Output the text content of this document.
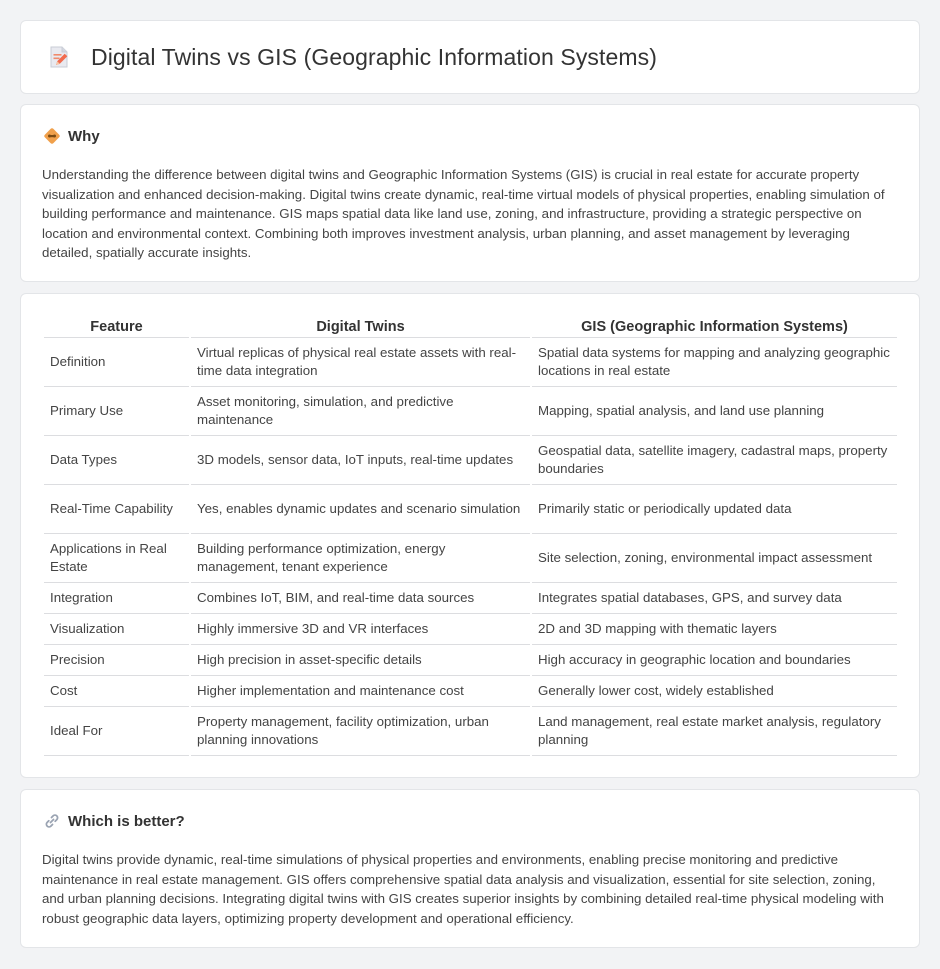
Digital Twins vs GIS (Geographic Information Systems)
Why

Understanding the difference between digital twins and Geographic Information Systems (GIS) is crucial in real estate for accurate property visualization and enhanced decision-making. Digital twins create dynamic, real-time virtual models of physical properties, enabling simulation of building performance and maintenance. GIS maps spatial data like land use, zoning, and infrastructure, providing a strategic perspective on location and environmental context. Combining both improves investment analysis, urban planning, and asset management by leveraging detailed, spatially accurate insights.

Feature	Digital Twins	GIS (Geographic Information Systems)
Definition	Virtual replicas of physical real estate assets with real-time data integration	Spatial data systems for mapping and analyzing geographic locations in real estate
Primary Use	Asset monitoring, simulation, and predictive maintenance	Mapping, spatial analysis, and land use planning
Data Types	3D models, sensor data, IoT inputs, real-time updates	Geospatial data, satellite imagery, cadastral maps, property boundaries
Real-Time Capability	Yes, enables dynamic updates and scenario simulation	Primarily static or periodically updated data
Applications in Real Estate	Building performance optimization, energy management, tenant experience	Site selection, zoning, environmental impact assessment
Integration	Combines IoT, BIM, and real-time data sources	Integrates spatial databases, GPS, and survey data
Visualization	Highly immersive 3D and VR interfaces	2D and 3D mapping with thematic layers
Precision	High precision in asset-specific details	High accuracy in geographic location and boundaries
Cost	Higher implementation and maintenance cost	Generally lower cost, widely established
Ideal For	Property management, facility optimization, urban planning innovations	Land management, real estate market analysis, regulatory planning
Which is better?

Digital twins provide dynamic, real-time simulations of physical properties and environments, enabling precise monitoring and predictive maintenance in real estate management. GIS offers comprehensive spatial data analysis and visualization, essential for site selection, zoning, and urban planning decisions. Integrating digital twins with GIS creates superior insights by combining detailed real-time physical modeling with robust geographic data layers, optimizing property development and operational efficiency.
